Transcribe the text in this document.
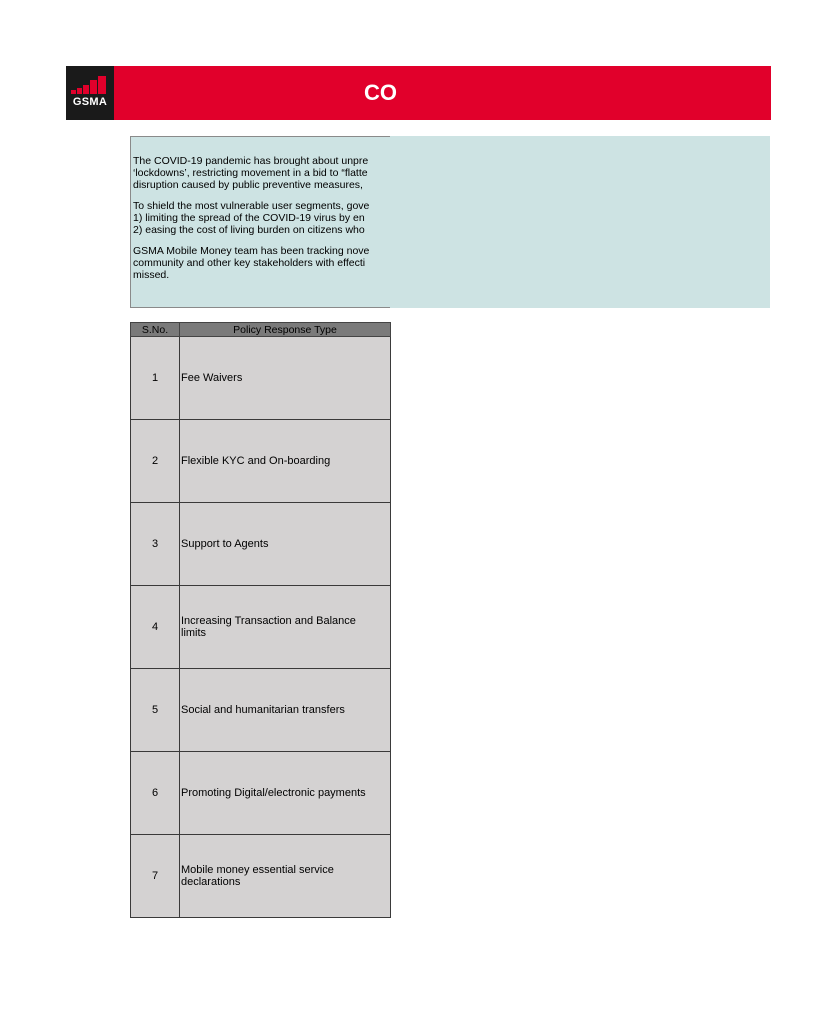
GSMA	CO

The COVID-19 pandemic has brought about unpre
‘lockdowns’, restricting movement in a bid to “flatte
disruption caused by public preventive measures,

To shield the most vulnerable user segments, gove
1) limiting the spread of the COVID-19 virus by en
2) easing the cost of living burden on citizens who

GSMA Mobile Money team has been tracking nove
community and other key stakeholders with effecti
missed.

S.No.	Policy Response Type
1	Fee Waivers
2	Flexible KYC and On-boarding
3	Support to Agents
4	Increasing Transaction and Balance limits
5	Social and humanitarian transfers
6	Promoting Digital/electronic payments
7	Mobile money essential service declarations
